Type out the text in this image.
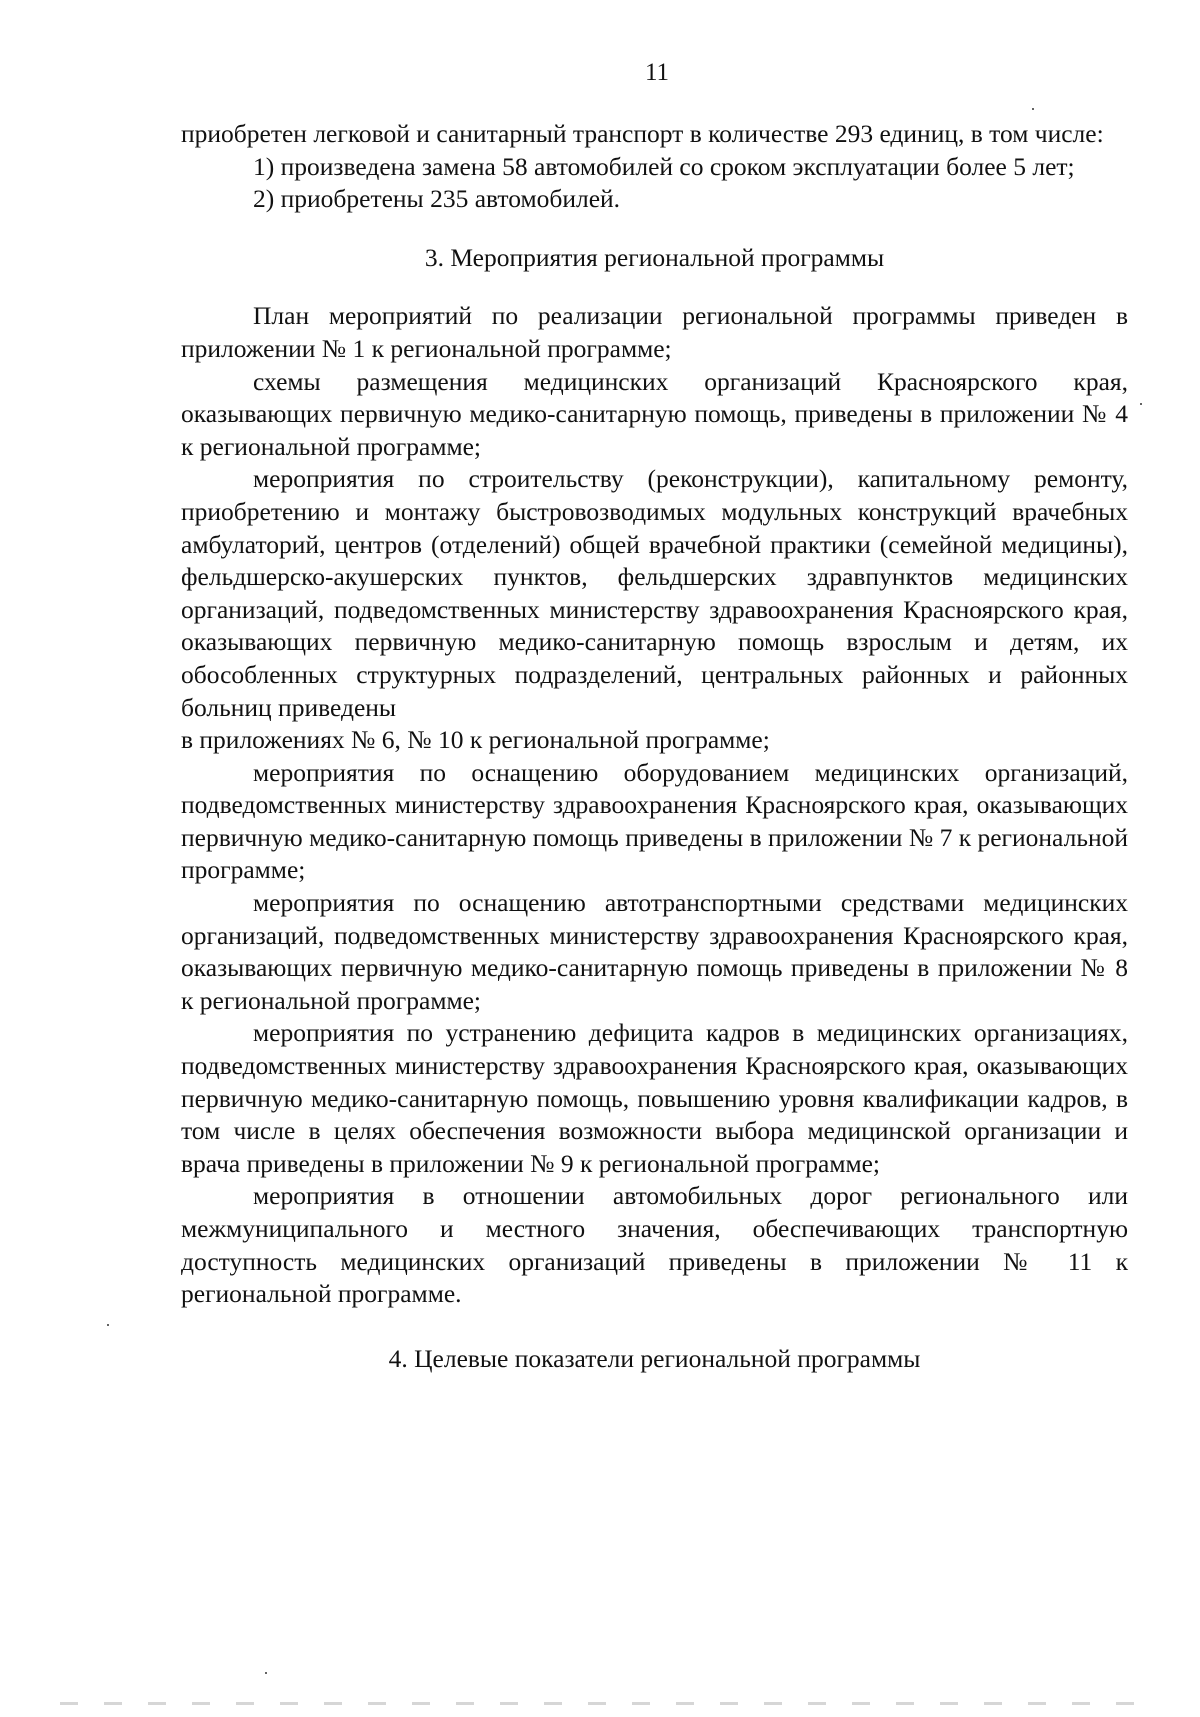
11

приобретен легковой и санитарный транспорт в количестве 293 единиц, в том числе:

1) произведена замена 58 автомобилей со сроком эксплуатации более 5 лет;

2) приобретены 235 автомобилей.

3. Мероприятия региональной программы

План мероприятий по реализации региональной программы приведен в приложении № 1 к региональной программе;

схемы размещения медицинских организаций Красноярского края, оказывающих первичную медико-санитарную помощь, приведены в приложении № 4 к региональной программе;

мероприятия по строительству (реконструкции), капитальному ремонту, приобретению и монтажу быстровозводимых модульных конструкций врачебных амбулаторий, центров (отделений) общей врачебной практики (семейной медицины), фельдшерско-акушерских пунктов, фельдшерских здравпунктов медицинских организаций, подведомственных министерству здравоохранения Красноярского края, оказывающих первичную медико-санитарную помощь взрослым и детям, их обособленных структурных подразделений, центральных районных и районных больниц приведены

в приложениях № 6, № 10 к региональной программе;

мероприятия по оснащению оборудованием медицинских организаций, подведомственных министерству здравоохранения Красноярского края, оказывающих первичную медико-санитарную помощь приведены в приложении № 7 к региональной программе;

мероприятия по оснащению автотранспортными средствами медицинских организаций, подведомственных министерству здравоохранения Красноярского края, оказывающих первичную медико-санитарную помощь приведены в приложении № 8 к региональной программе;

мероприятия по устранению дефицита кадров в медицинских организациях, подведомственных министерству здравоохранения Красноярского края, оказывающих первичную медико-санитарную помощь, повышению уровня квалификации кадров, в том числе в целях обеспечения возможности выбора медицинской организации и врача приведены в приложении № 9 к региональной программе;

мероприятия в отношении автомобильных дорог регионального или межмуниципального и местного значения, обеспечивающих транспортную доступность медицинских организаций приведены в приложении № 11 к региональной программе.

4. Целевые показатели региональной программы
